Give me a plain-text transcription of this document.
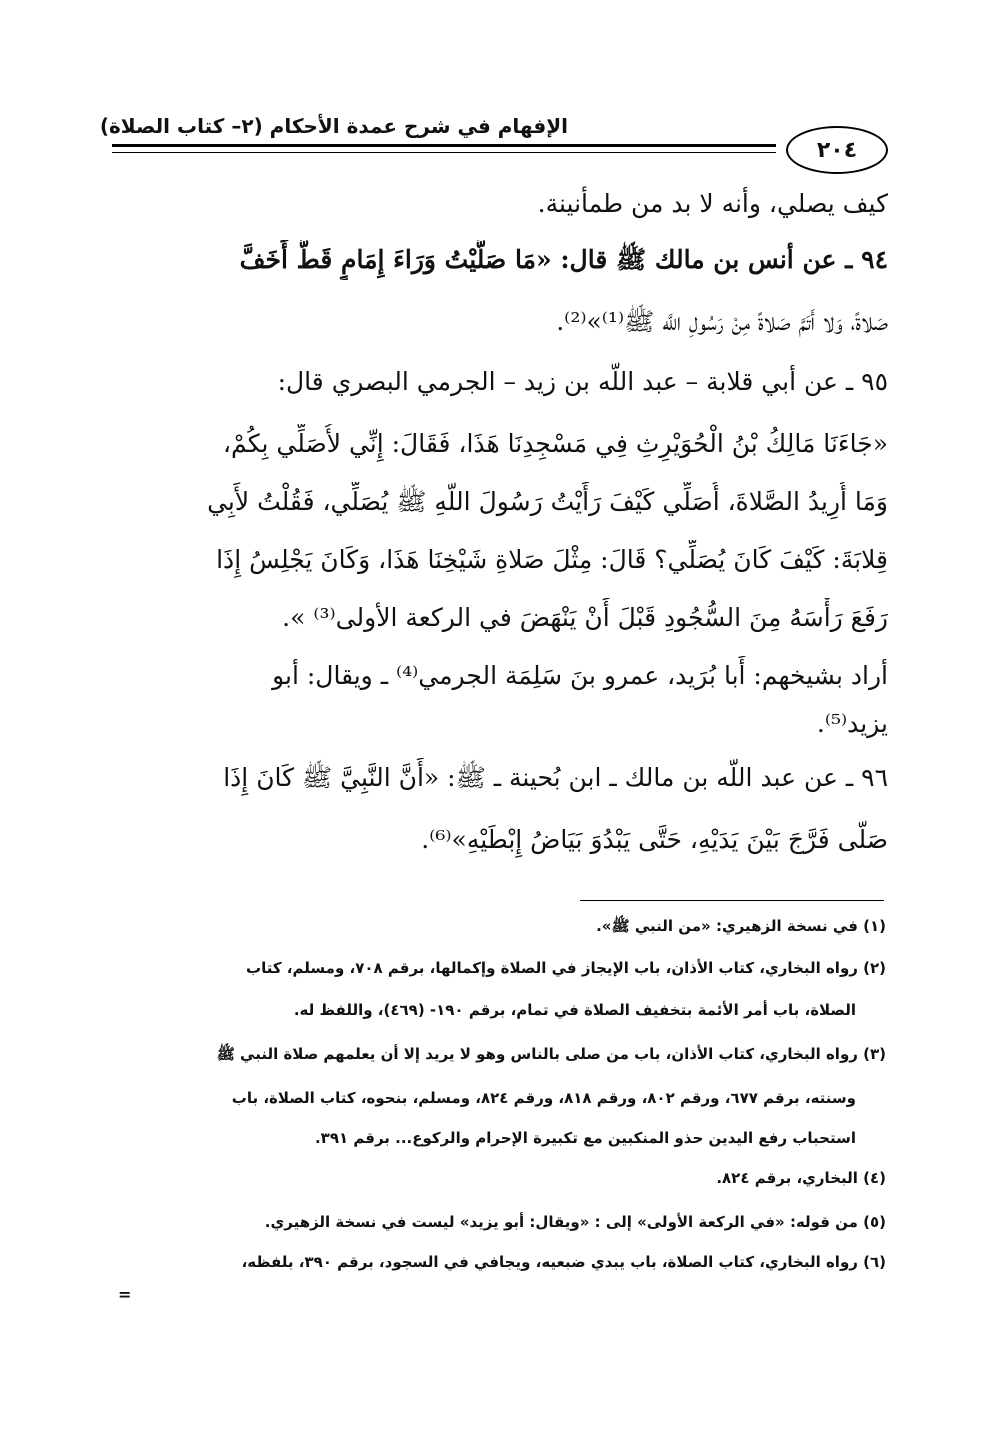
الإفهام في شرح عمدة الأحكام (٢– كتاب الصلاة)
٢٠٤
كيف يصلي، وأنه لا بد من طمأنينة.
٩٤ ـ عن أنس بن مالك ﷺ قال: «مَا صَلَّيْتُ وَرَاءَ إِمَامٍ قَطُّ أَخَفَّ
صَلاةً، وَلا أَتَمَّ صَلاةً مِنْ رَسُولِ اللَّه ﷺ⁽¹⁾»⁽²⁾.
٩٥ ـ عن أبي قلابة – عبد اللَّه بن زيد – الجرمي البصري قال:
«جَاءَنَا مَالِكُ بْنُ الْحُوَيْرِثِ فِي مَسْجِدِنَا هَذَا، فَقَالَ: إِنِّي لأُصَلِّي بِكُمْ،
وَمَا أُرِيدُ الصَّلاةَ، أُصَلِّي كَيْفَ رَأَيْتُ رَسُولَ اللَّهِ ﷺ يُصَلِّي، فَقُلْتُ لأَبِي
قِلابَةَ: كَيْفَ كَانَ يُصَلِّي؟ قَالَ: مِثْلَ صَلاةِ شَيْخِنَا هَذَا، وَكَانَ يَجْلِسُ إِذَا
رَفَعَ رَأْسَهُ مِنَ السُّجُودِ قَبْلَ أَنْ يَنْهَضَ في الركعة الأولى⁽³⁾ ».
أراد بشيخهم: أَبا بُرَيد، عمرو بنَ سَلِمَة الجرمي⁽⁴⁾ ـ ويقال: أبو
يزيد⁽⁵⁾.
٩٦ ـ عن عبد اللَّه بن مالك ـ ابن بُحينة ـ ﷺ: «أَنَّ النَّبِيَّ ﷺ كَانَ إِذَا
صَلَّى فَرَّجَ بَيْنَ يَدَيْهِ، حَتَّى يَبْدُوَ بَيَاضُ إِبْطَيْهِ»⁽⁶⁾.
(١) في نسخة الزهيري: «من النبي ﷺ».
(٢) رواه البخاري، كتاب الأذان، باب الإيجاز في الصلاة وإكمالها، برقم ٧٠٨، ومسلم، كتاب
الصلاة، باب أمر الأئمة بتخفيف الصلاة في تمام، برقم ١٩٠- (٤٦٩)، واللفظ له.
(٣) رواه البخاري، كتاب الأذان، باب من صلى بالناس وهو لا يريد إلا أن يعلمهم صلاة النبي ﷺ
وسنته، برقم ٦٧٧، ورقم ٨٠٢، ورقم ٨١٨، ورقم ٨٢٤، ومسلم، بنحوه، كتاب الصلاة، باب
استحباب رفع اليدين حذو المنكبين مع تكبيرة الإحرام والركوع... برقم ٣٩١.
(٤) البخاري، برقم ٨٢٤.
(٥) من قوله: «في الركعة الأولى» إلى : «ويقال: أبو يزيد» ليست في نسخة الزهيري.
(٦) رواه البخاري، كتاب الصلاة، باب يبدي ضبعيه، ويجافي في السجود، برقم ٣٩٠، بلفظه،
=
